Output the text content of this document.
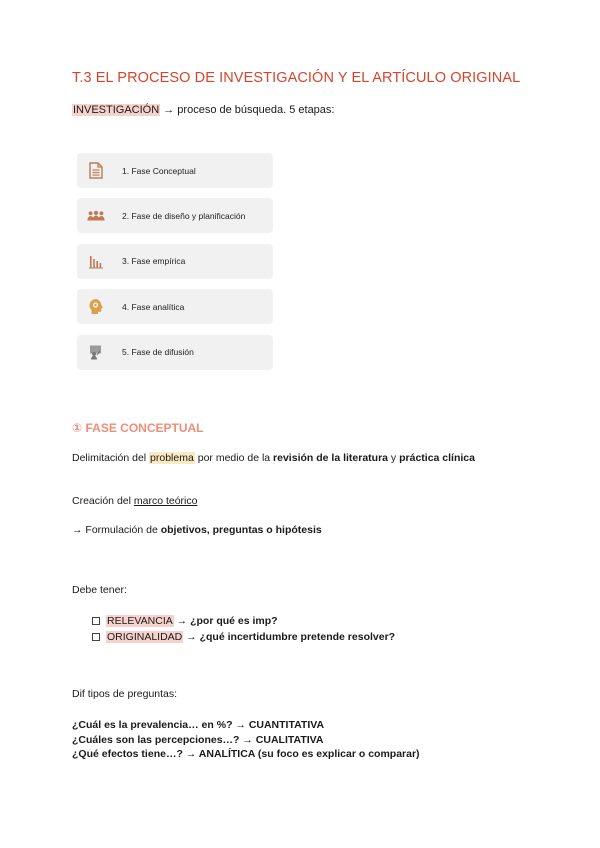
T.3 EL PROCESO DE INVESTIGACIÓN Y EL ARTÍCULO ORIGINAL
INVESTIGACIÓN → proceso de búsqueda. 5 etapas:
1. Fase Conceptual
2. Fase de diseño y planificación
3. Fase empírica
4. Fase analítica
5. Fase de difusión
① FASE CONCEPTUAL
Delimitación del problema por medio de la revisión de la literatura y práctica clínica
Creación del marco teórico
→ Formulación de objetivos, preguntas o hipótesis
Debe tener:
RELEVANCIA → ¿por qué es imp?
ORIGINALIDAD → ¿qué incertidumbre pretende resolver?
Dif tipos de preguntas:
¿Cuál es la prevalencia… en %? → CUANTITATIVA
¿Cuáles son las percepciones…? → CUALITATIVA
¿Qué efectos tiene…? → ANALÍTICA (su foco es explicar o comparar)
